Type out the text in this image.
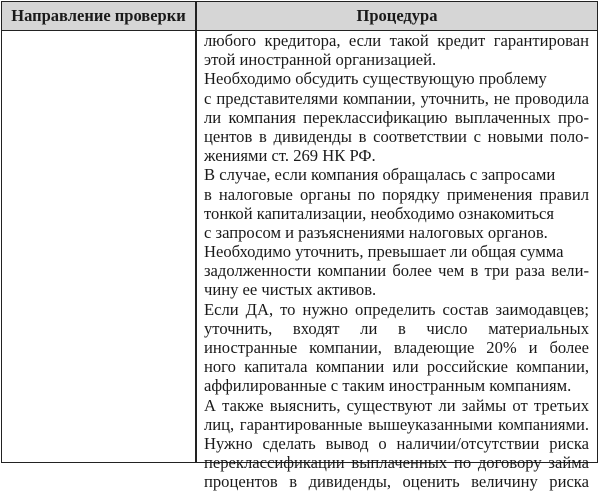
Направление проверки	Процедура
любого кредитора, если такой кредит гарантирован
этой иностранной организацией.
Необходимо обсудить существующую проблему
с представителями компании, уточнить, не проводила
ли компания переклассификацию выплаченных про-
центов в дивиденды в соответствии с новыми поло-
жениями ст. 269 НК РФ.
В случае, если компания обращалась с запросами
в налоговые органы по порядку применения правил
тонкой капитализации, необходимо ознакомиться
с запросом и разъяснениями налоговых органов.
Необходимо уточнить, превышает ли общая сумма
задолженности компании более чем в три раза вели-
чину ее чистых активов.
Если ДА, то нужно определить состав заимодавцев;
уточнить, входят ли в число материальных
иностранные компании, владеющие 20% и более
ного капитала компании или российские компании,
аффилированные с таким иностранным компаниям.
А также выяснить, существуют ли займы от третьих
лиц, гарантированные вышеуказанными компаниями.
Нужно сделать вывод о наличии/отсутствии риска
переклассификации выплаченных по договору займа
процентов в дивиденды, оценить величину риска
